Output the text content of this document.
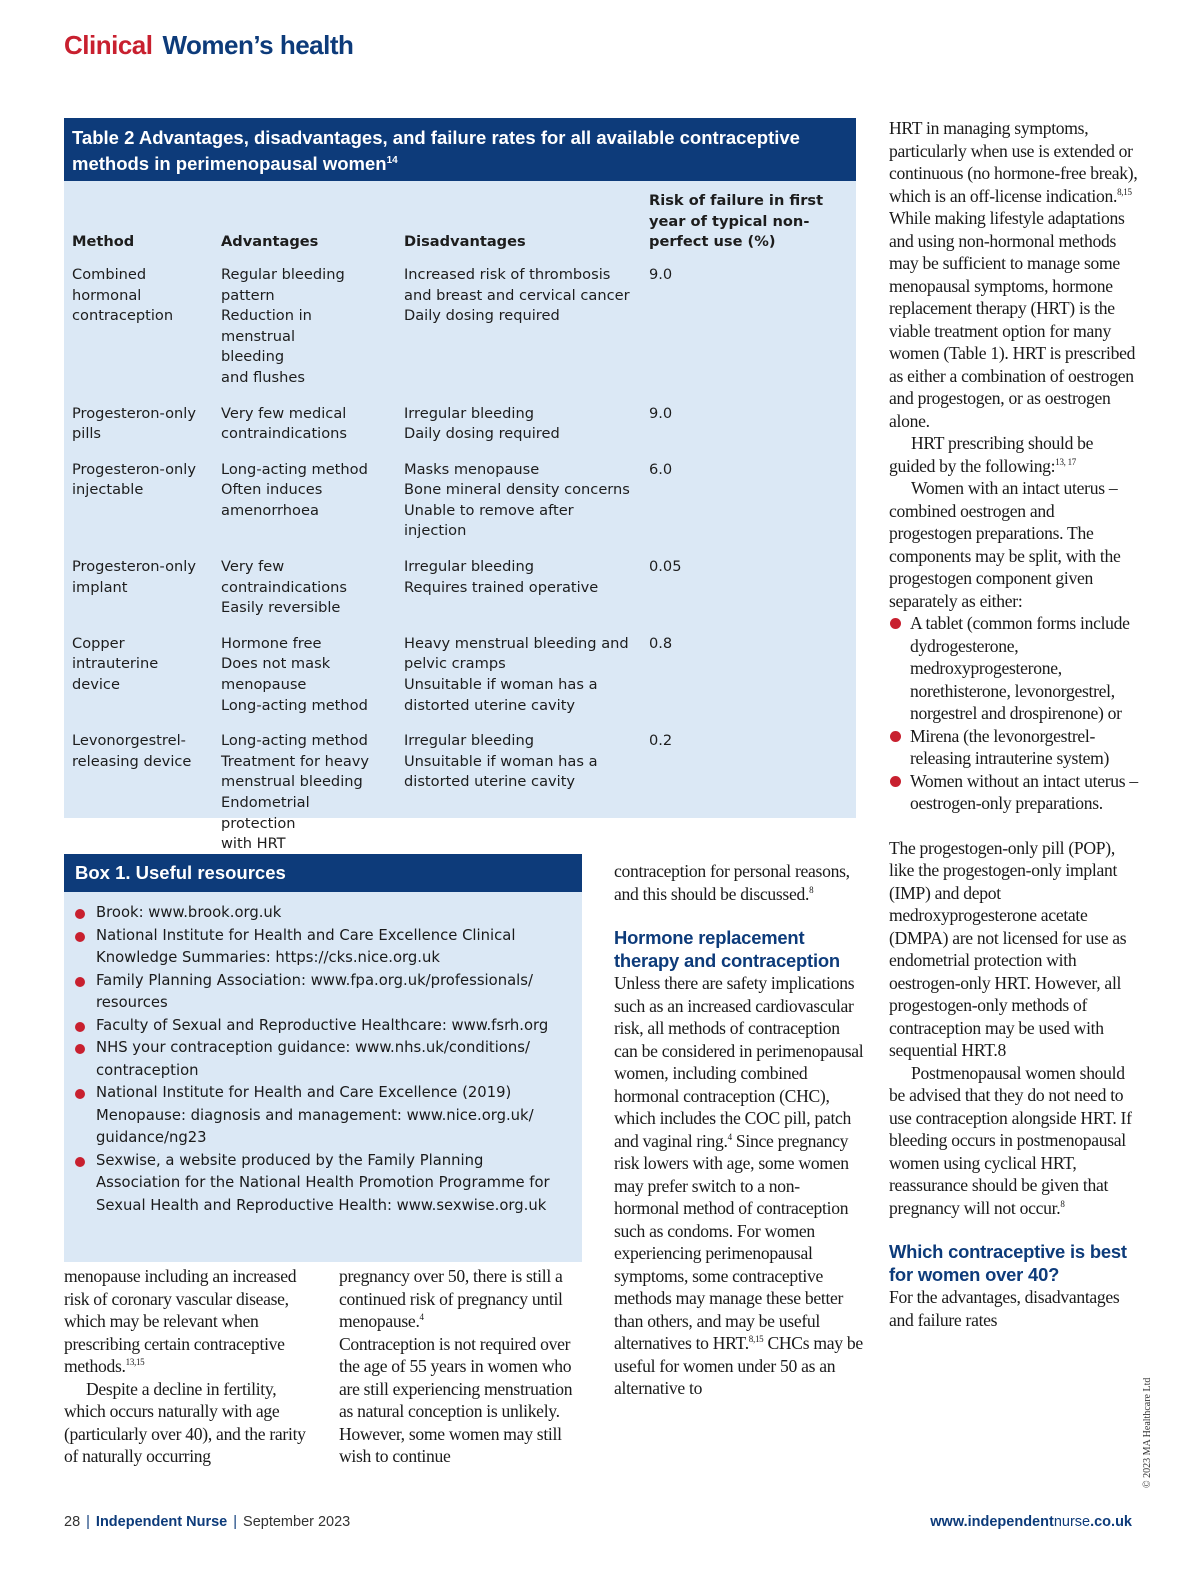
Clinical Women’s health
Table 2 Advantages, disadvantages, and failure rates for all available contraceptive methods in perimenopausal women$^{14}$
Method	Advantages	Disadvantages	Risk of failure in first
year of typical non-
perfect use (%)

Combined
hormonal
contraception	Regular bleeding
pattern
Reduction in menstrual
bleeding
and flushes	Increased risk of thrombosis
and breast and cervical cancer
Daily dosing required	9.0

Progesteron-only
pills	Very few medical
contraindications	Irregular bleeding
Daily dosing required	9.0

Progesteron-only
injectable	Long-acting method
Often induces
amenorrhoea	Masks menopause
Bone mineral density concerns
Unable to remove after
injection	6.0

Progesteron-only
implant	Very few
contraindications
Easily reversible	Irregular bleeding
Requires trained operative	0.05

Copper
intrauterine
device	Hormone free
Does not mask
menopause
Long-acting method	Heavy menstrual bleeding and
pelvic cramps
Unsuitable if woman has a
distorted uterine cavity	0.8

Levonorgestrel-
releasing device	Long-acting method
Treatment for heavy
menstrual bleeding
Endometrial protection
with HRT	Irregular bleeding
Unsuitable if woman has a
distorted uterine cavity	0.2
Box 1. Useful resources
Brook: www.brook.org.uk
National Institute for Health and Care Excellence Clinical Knowledge Summaries: https://cks.nice.org.uk
Family Planning Association: www.fpa.org.uk/professionals/ resources
Faculty of Sexual and Reproductive Healthcare: www.fsrh.org
NHS your contraception guidance: www.nhs.uk/conditions/ contraception
National Institute for Health and Care Excellence (2019) Menopause: diagnosis and management: www.nice.org.uk/ guidance/ng23
Sexwise, a website produced by the Family Planning Association for the National Health Promotion Programme for Sexual Health and Reproductive Health: www.sexwise.org.uk

menopause including an increased risk of coronary vascular disease, which may be relevant when prescribing certain contraceptive methods.$^{13,15}$

Despite a decline in fertility, which occurs naturally with age (particularly over 40), and the rarity of naturally occurring

pregnancy over 50, there is still a continued risk of pregnancy until menopause.$^4$

Contraception is not required over the age of 55 years in women who are still experiencing menstruation as natural conception is unlikely. However, some women may still wish to continue

contraception for personal reasons, and this should be discussed.$^8$

Hormone replacement therapy and contraception

Unless there are safety implications such as an increased cardiovascular risk, all methods of contraception can be considered in perimenopausal women, including combined hormonal contraception (CHC), which includes the COC pill, patch and vaginal ring.$^4$ Since pregnancy risk lowers with age, some women may prefer switch to a non-hormonal method of contraception such as condoms. For women experiencing perimenopausal symptoms, some contraceptive methods may manage these better than others, and may be useful alternatives to HRT.$^{8,15}$ CHCs may be useful for women under 50 as an alternative to

HRT in managing symptoms, particularly when use is extended or continuous (no hormone-free break), which is an off-license indication.$^{8,15}$ While making lifestyle adaptations and using non-hormonal methods may be sufficient to manage some menopausal symptoms, hormone replacement therapy (HRT) is the viable treatment option for many women (Table 1). HRT is prescribed as either a combination of oestrogen and progestogen, or as oestrogen alone.

HRT prescribing should be guided by the following:$^{13, 17}$

Women with an intact uterus – combined oestrogen and progestogen preparations. The components may be split, with the progestogen component given separately as either:

A tablet (common forms include dydrogesterone, medroxyprogesterone, norethisterone, levonorgestrel, norgestrel and drospirenone) or
Mirena (the levonorgestrel-releasing intrauterine system)
Women without an intact uterus – oestrogen-only preparations.

The progestogen-only pill (POP), like the progestogen-only implant (IMP) and depot medroxyprogesterone acetate (DMPA) are not licensed for use as endometrial protection with oestrogen-only HRT. However, all progestogen-only methods of contraception may be used with sequential HRT.8

Postmenopausal women should be advised that they do not need to use contraception alongside HRT. If bleeding occurs in postmenopausal women using cyclical HRT, reassurance should be given that pregnancy will not occur.$^8$

Which contraceptive is best for women over 40?

For the advantages, disadvantages and failure rates

© 2023 MA Healthcare Ltd
28 | Independent Nurse | September 2023	www.independentnurse.co.uk
